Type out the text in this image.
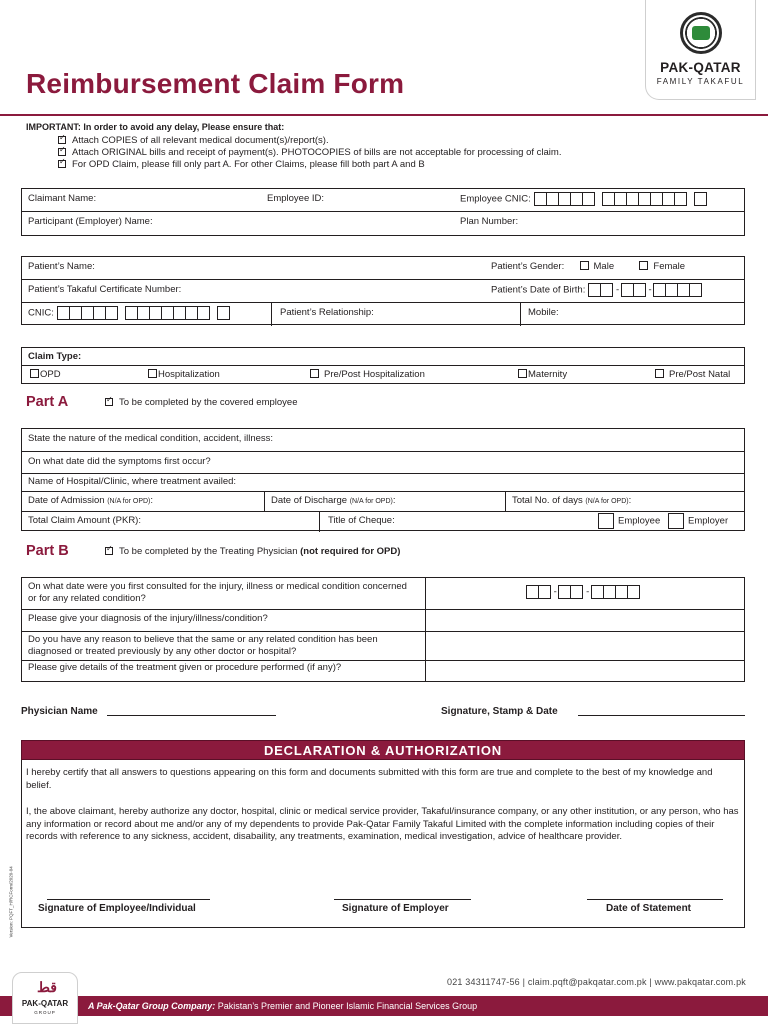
Reimbursement Claim Form
PAK-QATAR
FAMILY TAKAFUL
IMPORTANT: In order to avoid any delay, Please ensure that:
✓Attach COPIES of all relevant medical document(s)/report(s).
✓Attach ORIGINAL bills and receipt of payment(s). PHOTOCOPIES of bills are not acceptable for processing of claim.
✓For OPD Claim, please fill only part A. For other Claims, please fill both part A and B
Claimant Name:	Employee ID:	Employee CNIC:
Participant (Employer) Name:	Plan Number:
Patient’s Name:	Patient’s Gender:	Male	Female
Patient’s Takaful Certificate Number:	Patient’s Date of Birth:	-	-
CNIC:	Patient’s Relationship:	Mobile:
Claim Type:
OPD	Hospitalization	Pre/Post Hospitalization	Maternity	Pre/Post Natal
Part A ✓	To be completed by the covered employee
State the nature of the medical condition, accident, illness:
On what date did the symptoms first occur?
Name of Hospital/Clinic, where treatment availed:
Date of Admission (N/A for OPD):	Date of Discharge (N/A for OPD):	Total No. of days (N/A for OPD):
Total Claim Amount (PKR):	Title of Cheque:	Employee	Employer
Part B ✓	To be completed by the Treating Physician (not required for OPD)
On what date were you first consulted for the injury, illness or medical condition concerned or for any related condition?
-	-
Please give your diagnosis of the injury/illness/condition?
Do you have any reason to believe that the same or any related condition has been diagnosed or treated previously by any other doctor or hospital?
Please give details of the treatment given or procedure performed (if any)?
Physician Name	Signature, Stamp & Date
DECLARATION & AUTHORIZATION
I hereby certify that all answers to questions appearing on this form and documents submitted with this form are true and complete to the best of my knowledge and belief.
I, the above claimant, hereby authorize any doctor, hospital, clinic or medical service provider, Takaful/insurance company, or any other institution, or any person, who has any information or record about me and/or any of my dependents to provide Pak-Qatar Family Takaful Limited with the complete information including copies of their records with reference to any sickness, accident, disabaility, any treatments, examination, medical investigation, advice of healthcare provider.
Signature of Employee/Individual	Signature of Employer	Date of Statement
Version: PQFT_H/RCForm/2020-04
021 34311747-56 | claim.pqft@pakqatar.com.pk | www.pakqatar.com.pk
A Pak-Qatar Group Company: Pakistan’s Premier and Pioneer Islamic Financial Services Group
ﻗﻂ
PAK-QATAR
GROUP
